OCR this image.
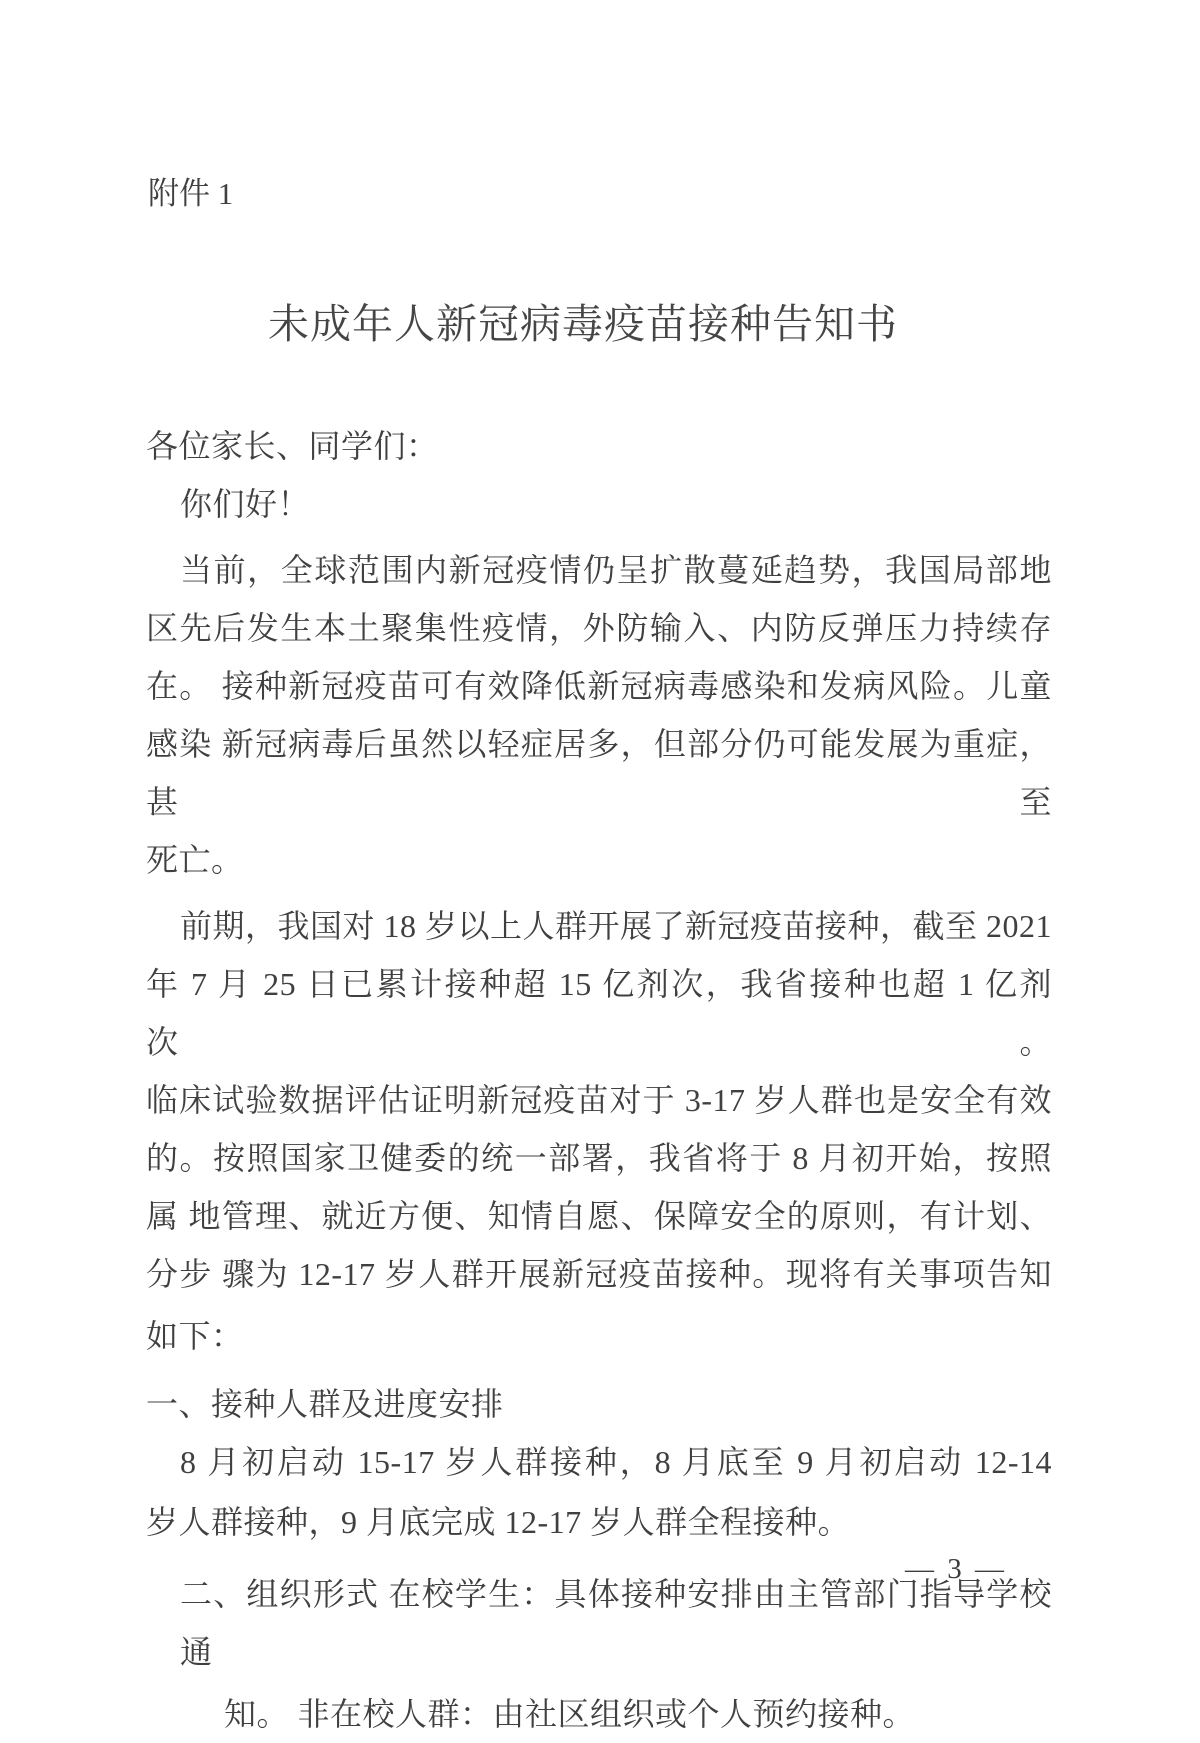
附件 1
未成年人新冠病毒疫苗接种告知书
各位家长、同学们：
你们好！
当前，全球范围内新冠疫情仍呈扩散蔓延趋势，我国局部地
区先后发生本土聚集性疫情，外防输入、内防反弹压力持续存
在。 接种新冠疫苗可有效降低新冠病毒感染和发病风险。儿童
感染 新冠病毒后虽然以轻症居多，但部分仍可能发展为重症，甚至
死亡。
前期，我国对 18 岁以上人群开展了新冠疫苗接种，截至 2021
年 7 月 25 日已累计接种超 15 亿剂次，我省接种也超 1 亿剂次。
临床试验数据评估证明新冠疫苗对于 3-17 岁人群也是安全有效
的。按照国家卫健委的统一部署，我省将于 8 月初开始，按照
属 地管理、就近方便、知情自愿、保障安全的原则，有计划、
分步 骤为 12-17 岁人群开展新冠疫苗接种。现将有关事项告知
如下：
一、接种人群及进度安排
8 月初启动 15-17 岁人群接种，8 月底至 9 月初启动 12-14
岁人群接种，9 月底完成 12-17 岁人群全程接种。
二、组织形式 在校学生：具体接种安排由主管部门指导学校通
知。 非在校人群：由社区组织或个人预约接种。
— 3 —
